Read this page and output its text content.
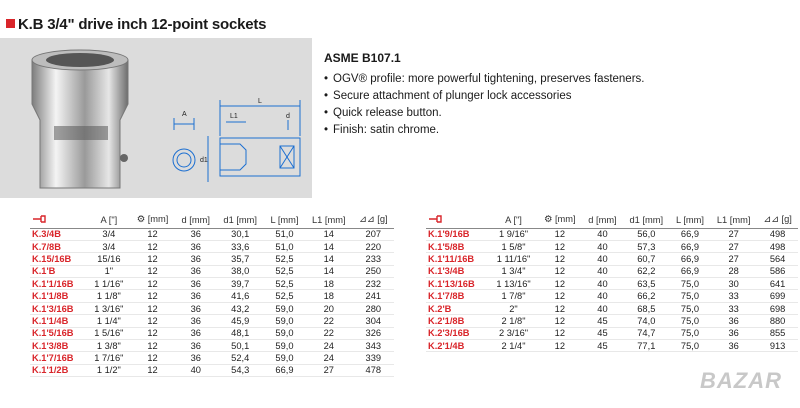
K.B 3/4" drive inch 12-point sockets
A
L
L1	d
d1
ASME B107.1
• OGV® profile: more powerful tightening, preserves fasteners.
• Secure attachment of plunger lock accessories
• Quick release button.
• Finish: satin chrome.
	A ["]	⚙ [mm]	d [mm]	d1 [mm]	L [mm]	L1 [mm]	⊿⊿ [g]
K.3/4B	3/4	12	36	30,1	51,0	14	207
K.7/8B	3/4	12	36	33,6	51,0	14	220
K.15/16B	15/16	12	36	35,7	52,5	14	233
K.1'B	1"	12	36	38,0	52,5	14	250
K.1'1/16B	1 1/16"	12	36	39,7	52,5	18	232
K.1'1/8B	1 1/8"	12	36	41,6	52,5	18	241
K.1'3/16B	1 3/16"	12	36	43,2	59,0	20	280
K.1'1/4B	1 1/4"	12	36	45,9	59,0	22	304
K.1'5/16B	1 5/16"	12	36	48,1	59,0	22	326
K.1'3/8B	1 3/8"	12	36	50,1	59,0	24	343
K.1'7/16B	1 7/16"	12	36	52,4	59,0	24	339
K.1'1/2B	1 1/2"	12	40	54,3	66,9	27	478
	A ["]	⚙ [mm]	d [mm]	d1 [mm]	L [mm]	L1 [mm]	⊿⊿ [g]
K.1'9/16B	1 9/16"	12	40	56,0	66,9	27	498
K.1'5/8B	1 5/8"	12	40	57,3	66,9	27	498
K.1'11/16B	1 11/16"	12	40	60,7	66,9	27	564
K.1'3/4B	1 3/4"	12	40	62,2	66,9	28	586
K.1'13/16B	1 13/16"	12	40	63,5	75,0	30	641
K.1'7/8B	1 7/8"	12	40	66,2	75,0	33	699
K.2'B	2"	12	40	68,5	75,0	33	698
K.2'1/8B	2 1/8"	12	45	74,0	75,0	36	880
K.2'3/16B	2 3/16"	12	45	74,7	75,0	36	855
K.2'1/4B	2 1/4"	12	45	77,1	75,0	36	913
BAZAR
